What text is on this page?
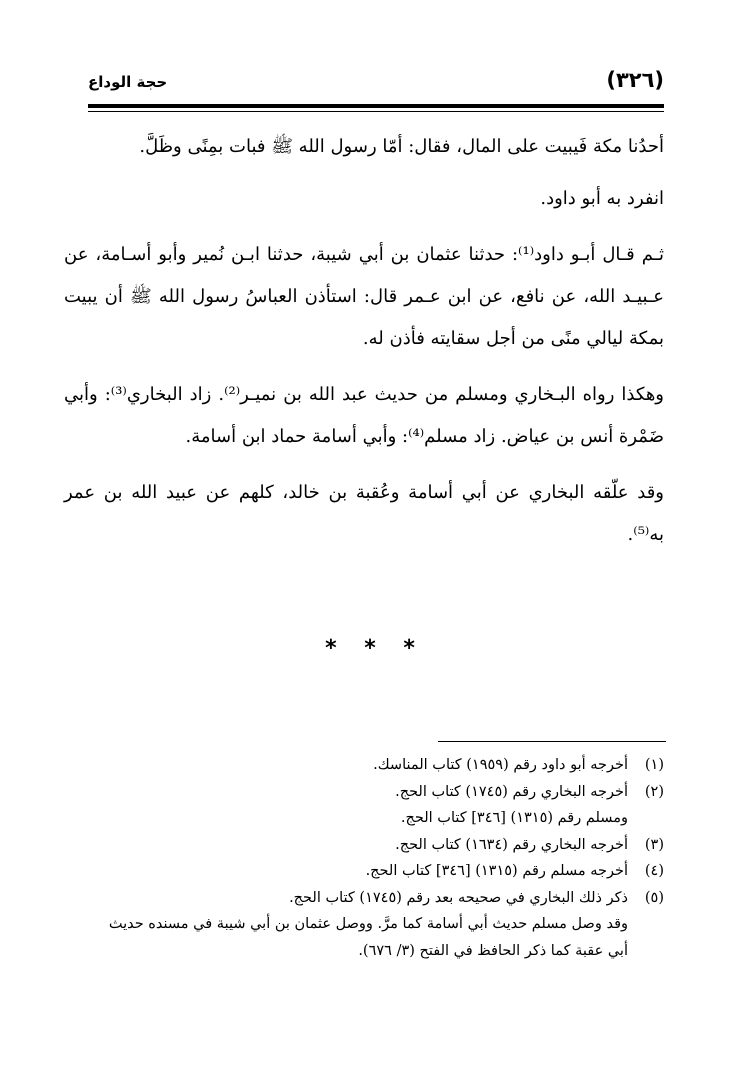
(٣٢٦)
حجة الوداع

أحدُنا مكة فَيبيت على المال، فقال: أمّا رسول الله ﷺ فبات بمِنًى وظَلَّ.

انفرد به أبو داود.

ثـم قـال أبـو داود⁽¹⁾: حدثنا عثمان بن أبي شيبة، حدثنا ابـن نُمير وأبو أسـامة، عن عـبيـد الله، عن نافع، عن ابن عـمر قال: استأذن العباسُ رسول الله ﷺ أن يبيت بمكة ليالي منًى من أجل سقايته فأذن له.

وهكذا رواه البـخاري ومسلم من حديث عبد الله بن نميـر⁽²⁾. زاد البخاري⁽³⁾: وأبي ضَمْرة أنس بن عياض. زاد مسلم⁽⁴⁾: وأبي أسامة حماد ابن أسامة.

وقد علّقه البخاري عن أبي أسامة وعُقبة بن خالد، كلهم عن عبيد الله بن عمر به⁽⁵⁾.

* * *
(١)
أخرجه أبو داود رقم (١٩٥٩) كتاب المناسك.
(٢)
أخرجه البخاري رقم (١٧٤٥) كتاب الحج.
ومسلم رقم (١٣١٥) [٣٤٦] كتاب الحج.
(٣)
أخرجه البخاري رقم (١٦٣٤) كتاب الحج.
(٤)
أخرجه مسلم رقم (١٣١٥) [٣٤٦] كتاب الحج.
(٥)
ذكر ذلك البخاري في صحيحه بعد رقم (١٧٤٥) كتاب الحج.
وقد وصل مسلم حديث أبي أسامة كما مرَّ. ووصل عثمان بن أبي شيبة في مسنده حديث
أبي عقبة كما ذكر الحافظ في الفتح (٣/ ٦٧٦).
